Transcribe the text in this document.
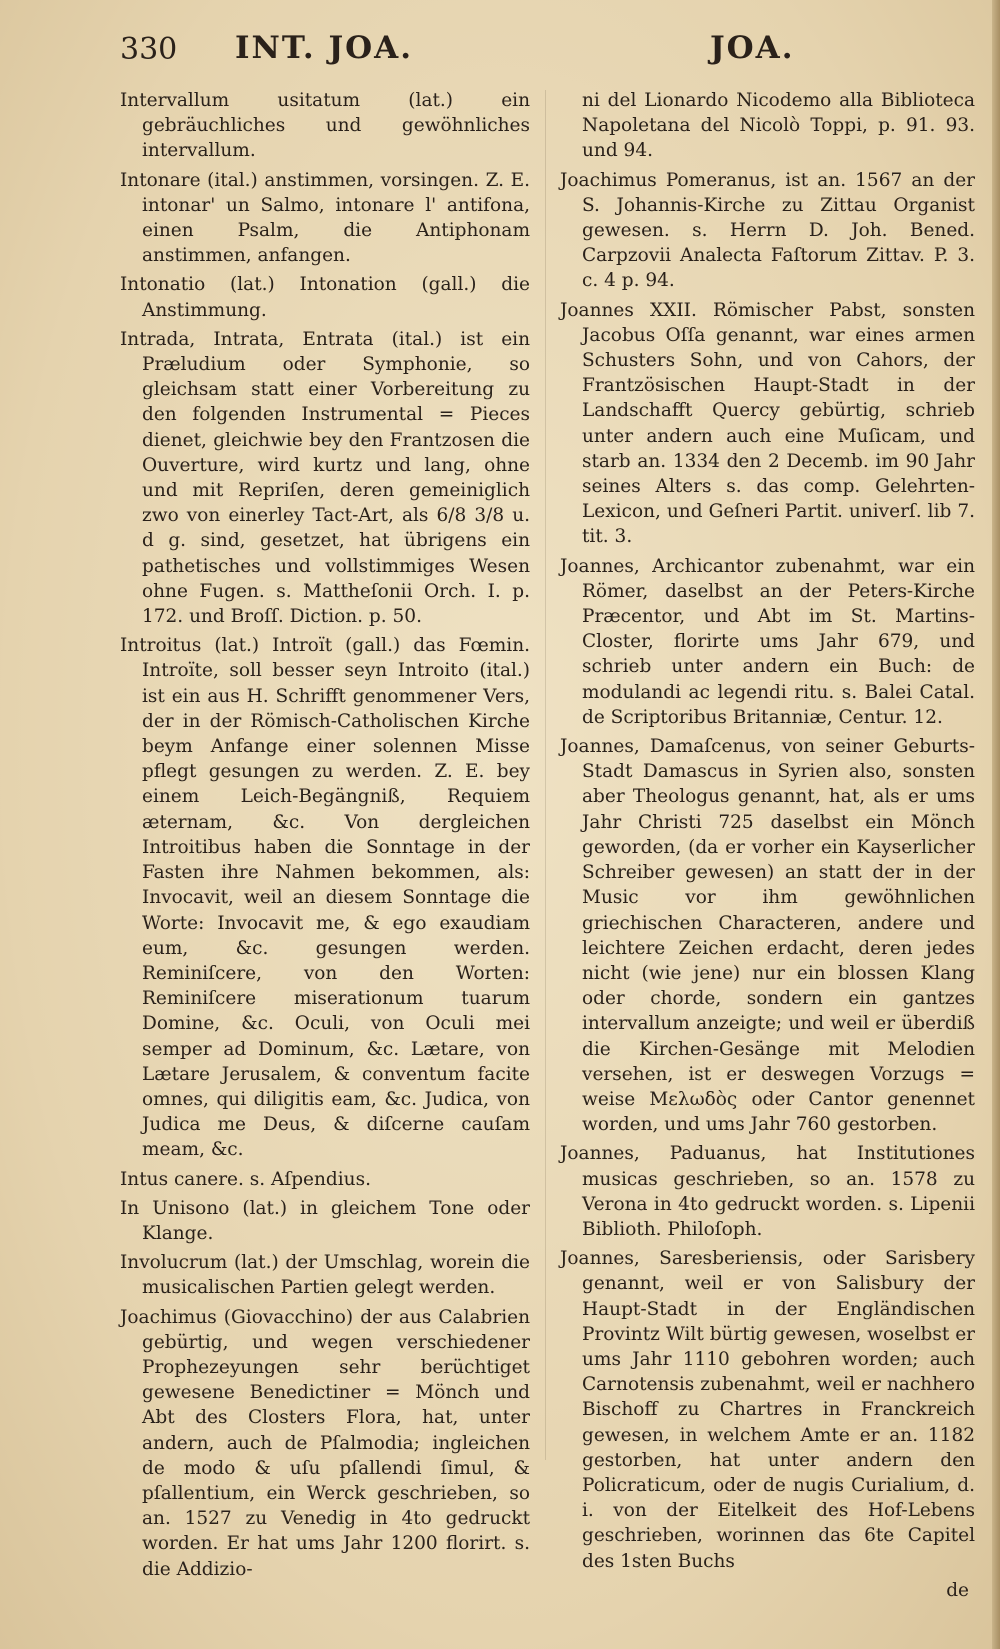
330 INT. JOA.	JOA.

Intervallum usitatum (lat.) ein gebräuchliches und gewöhnliches intervallum.

Intonare (ital.) anstimmen, vorsingen. Z. E. intonar' un Salmo, intonare l' antifona, einen Psalm, die Antiphonam anstimmen, anfangen.

Intonatio (lat.) Intonation (gall.) die Anstimmung.

Intrada, Intrata, Entrata (ital.) ist ein Præludium oder Symphonie, so gleichsam statt einer Vorbereitung zu den folgenden Instrumental = Pieces dienet, gleichwie bey den Frantzosen die Ouverture, wird kurtz und lang, ohne und mit Repriſen, deren gemeiniglich zwo von einerley Tact-Art, als 6/8 3/8 u. d g. sind, gesetzet, hat übrigens ein pathetisches und vollstimmiges Wesen ohne Fugen. s. Mattheſonii Orch. I. p. 172. und Broſſ. Dictiοn. p. 50.

Introitus (lat.) Introït (gall.) das Fœmin. Introïte, soll besser seyn Introito (ital.) ist ein aus H. Schrifft genommener Vers, der in der Römisch-Catholischen Kirche beym Anfange einer solennen Misse pflegt gesungen zu werden. Z. E. bey einem Leich-Begängniß, Requiem æternam, &c. Von dergleichen Introitibus haben die Sonntage in der Fasten ihre Nahmen bekommen, als: Invocavit, weil an diesem Sonntage die Worte: Invocavit me, & ego exaudiam eum, &c. gesungen werden. Reminiſcere, von den Worten: Reminiſcere miserationum tuarum Domine, &c. Oculi, von Oculi mei semper ad Dominum, &c. Lætare, von Lætare Jerusalem, & conventum facite omnes, qui diligitis eam, &c. Judica, von Judica me Deus, & diſcerne cauſam meam, &c.

Intus canere. s. Aſpendius.

In Unisono (lat.) in gleichem Tone oder Klange.

Involucrum (lat.) der Umschlag, worein die musicalischen Partien gelegt werden.

Joachimus (Giovacchino) der aus Calabrien gebürtig, und wegen verschiedener Prophezeyungen sehr berüchtiget gewesene Benedictiner = Mönch und Abt des Closters Flora, hat, unter andern, auch de Pſalmodia; ingleichen de modo & uſu pſallendi ſimul, & pſallentium, ein Werck geschrieben, so an. 1527 zu Venedig in 4to gedruckt worden. Er hat ums Jahr 1200 florirt. s. die Addizio-

ni del Lionardo Nicodemo alla Biblioteca Napoletana del Nicolò Toppi, p. 91. 93. und 94.

Joachimus Pomeranus, ist an. 1567 an der S. Johannis-Kirche zu Zittau Organist gewesen. s. Herrn D. Joh. Bened. Carpzovii Analecta Faſtorum Zittav. P. 3. c. 4 p. 94.

Joannes XXII. Römischer Pabst, sonsten Jacobus Oſſa genannt, war eines armen Schusters Sohn, und von Cahors, der Frantzösischen Haupt-Stadt in der Landschafft Quercy gebürtig, schrieb unter andern auch eine Muſicam, und starb an. 1334 den 2 Decemb. im 90 Jahr seines Alters s. das comp. Gelehrten-Lexicon, und Geſneri Partit. univerſ. lib 7. tit. 3.

Joannes, Archicantor zubenahmt, war ein Römer, daselbst an der Peters-Kirche Præcentor, und Abt im St. Martins-Closter, florirte ums Jahr 679, und schrieb unter andern ein Buch: de modulandi ac legendi ritu. s. Balei Catal. de Scriptoribus Britanniæ, Centur. 12.

Joannes, Damaſcenus, von seiner Geburts-Stadt Damascus in Syrien also, sonsten aber Theologus genannt, hat, als er ums Jahr Christi 725 daselbst ein Mönch geworden, (da er vorher ein Kayserlicher Schreiber gewesen) an statt der in der Music vor ihm gewöhnlichen griechischen Characteren, andere und leichtere Zeichen erdacht, deren jedes nicht (wie jene) nur ein blossen Klang oder chorde, sondern ein gantzes intervallum anzeigte; und weil er überdiß die Kirchen-Gesänge mit Melodien versehen, ist er deswegen Vorzugs = weise Μελωδὸς oder Cantor genennet worden, und ums Jahr 760 gestorben.

Joannes, Paduanus, hat Institutiones musicas geschrieben, so an. 1578 zu Verona in 4to gedruckt worden. s. Lipenii Biblioth. Philoſoph.

Joannes, Saresberiensis, oder Sarisbery genannt, weil er von Salisbury der Haupt-Stadt in der Engländischen Provintz Wilt bürtig gewesen, woselbst er ums Jahr 1110 gebohren worden; auch Carnotensis zubenahmt, weil er nachhero Bischoff zu Chartres in Franckreich gewesen, in welchem Amte er an. 1182 gestorben, hat unter andern den Policraticum, oder de nugis Curialium, d. i. von der Eitelkeit des Hof-Lebens geschrieben, worinnen das 6te Capitel des 1sten Buchs

de
